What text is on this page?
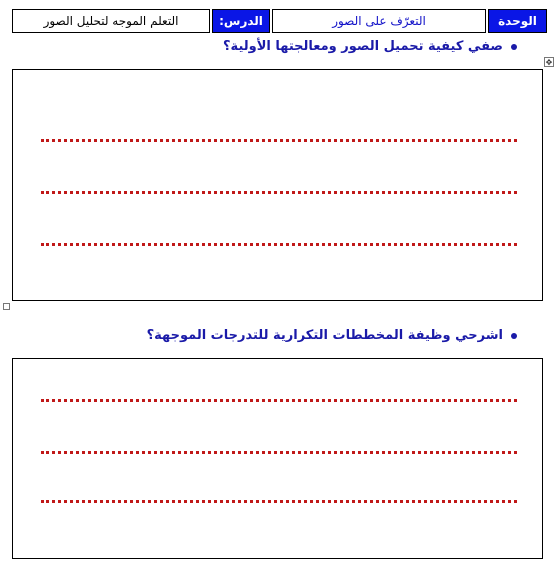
الوحدة
التعرّف على الصور
الدرس:
التعلم الموجه لتحليل الصور
صفي كيفية تحميل الصور ومعالجتها الأولية؟
✥
اشرحي وظيفة المخططات التكرارية للتدرجات الموجهة؟
